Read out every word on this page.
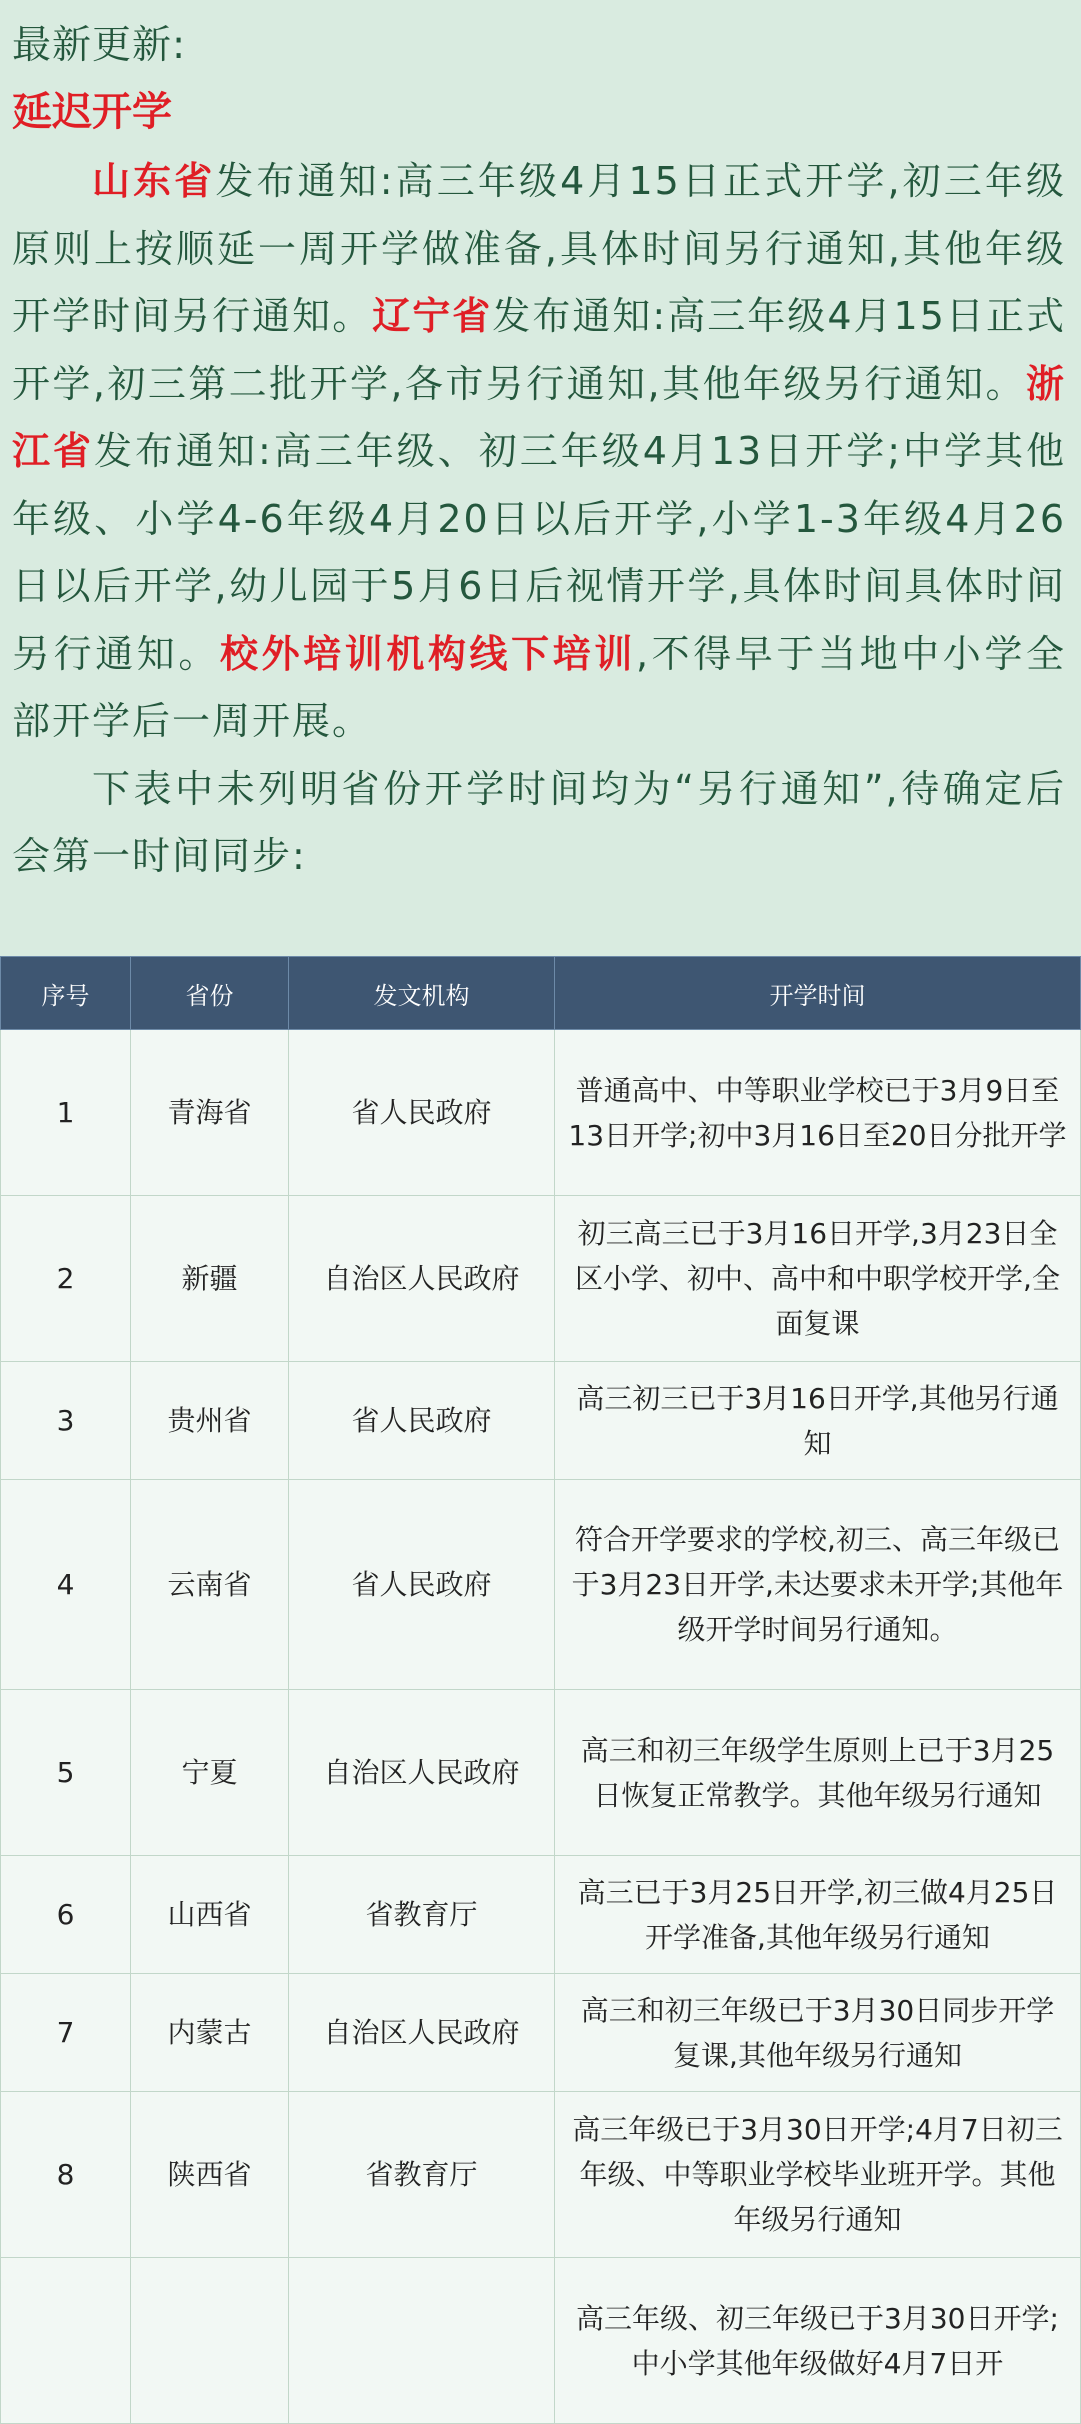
最新更新:
延迟开学

山东省发布通知:高三年级4月15日正式开学,初三年级原则上按顺延一周开学做准备,具体时间另行通知,其他年级开学时间另行通知。辽宁省发布通知:高三年级4月15日正式开学,初三第二批开学,各市另行通知,其他年级另行通知。浙江省发布通知:高三年级、初三年级4月13日开学;中学其他年级、小学4-6年级4月20日以后开学,小学1-3年级4月26日以后开学,幼儿园于5月6日后视情开学,具体时间具体时间另行通知。校外培训机构线下培训,不得早于当地中小学全部开学后一周开展。

下表中未列明省份开学时间均为“另行通知”,待确定后会第一时间同步:

序号	省份	发文机构	开学时间
1	青海省	省人民政府	普通高中、中等职业学校已于3月9日至13日开学;初中3月16日至20日分批开学
2	新疆	自治区人民政府	初三高三已于3月16日开学,3月23日全区小学、初中、高中和中职学校开学,全面复课
3	贵州省	省人民政府	高三初三已于3月16日开学,其他另行通知
4	云南省	省人民政府	符合开学要求的学校,初三、高三年级已于3月23日开学,未达要求未开学;其他年级开学时间另行通知。
5	宁夏	自治区人民政府	高三和初三年级学生原则上已于3月25日恢复正常教学。其他年级另行通知
6	山西省	省教育厅	高三已于3月25日开学,初三做4月25日开学准备,其他年级另行通知
7	内蒙古	自治区人民政府	高三和初三年级已于3月30日同步开学复课,其他年级另行通知
8	陕西省	省教育厅	高三年级已于3月30日开学;4月7日初三年级、中等职业学校毕业班开学。其他年级另行通知
			高三年级、初三年级已于3月30日开学;中小学其他年级做好4月7日开
